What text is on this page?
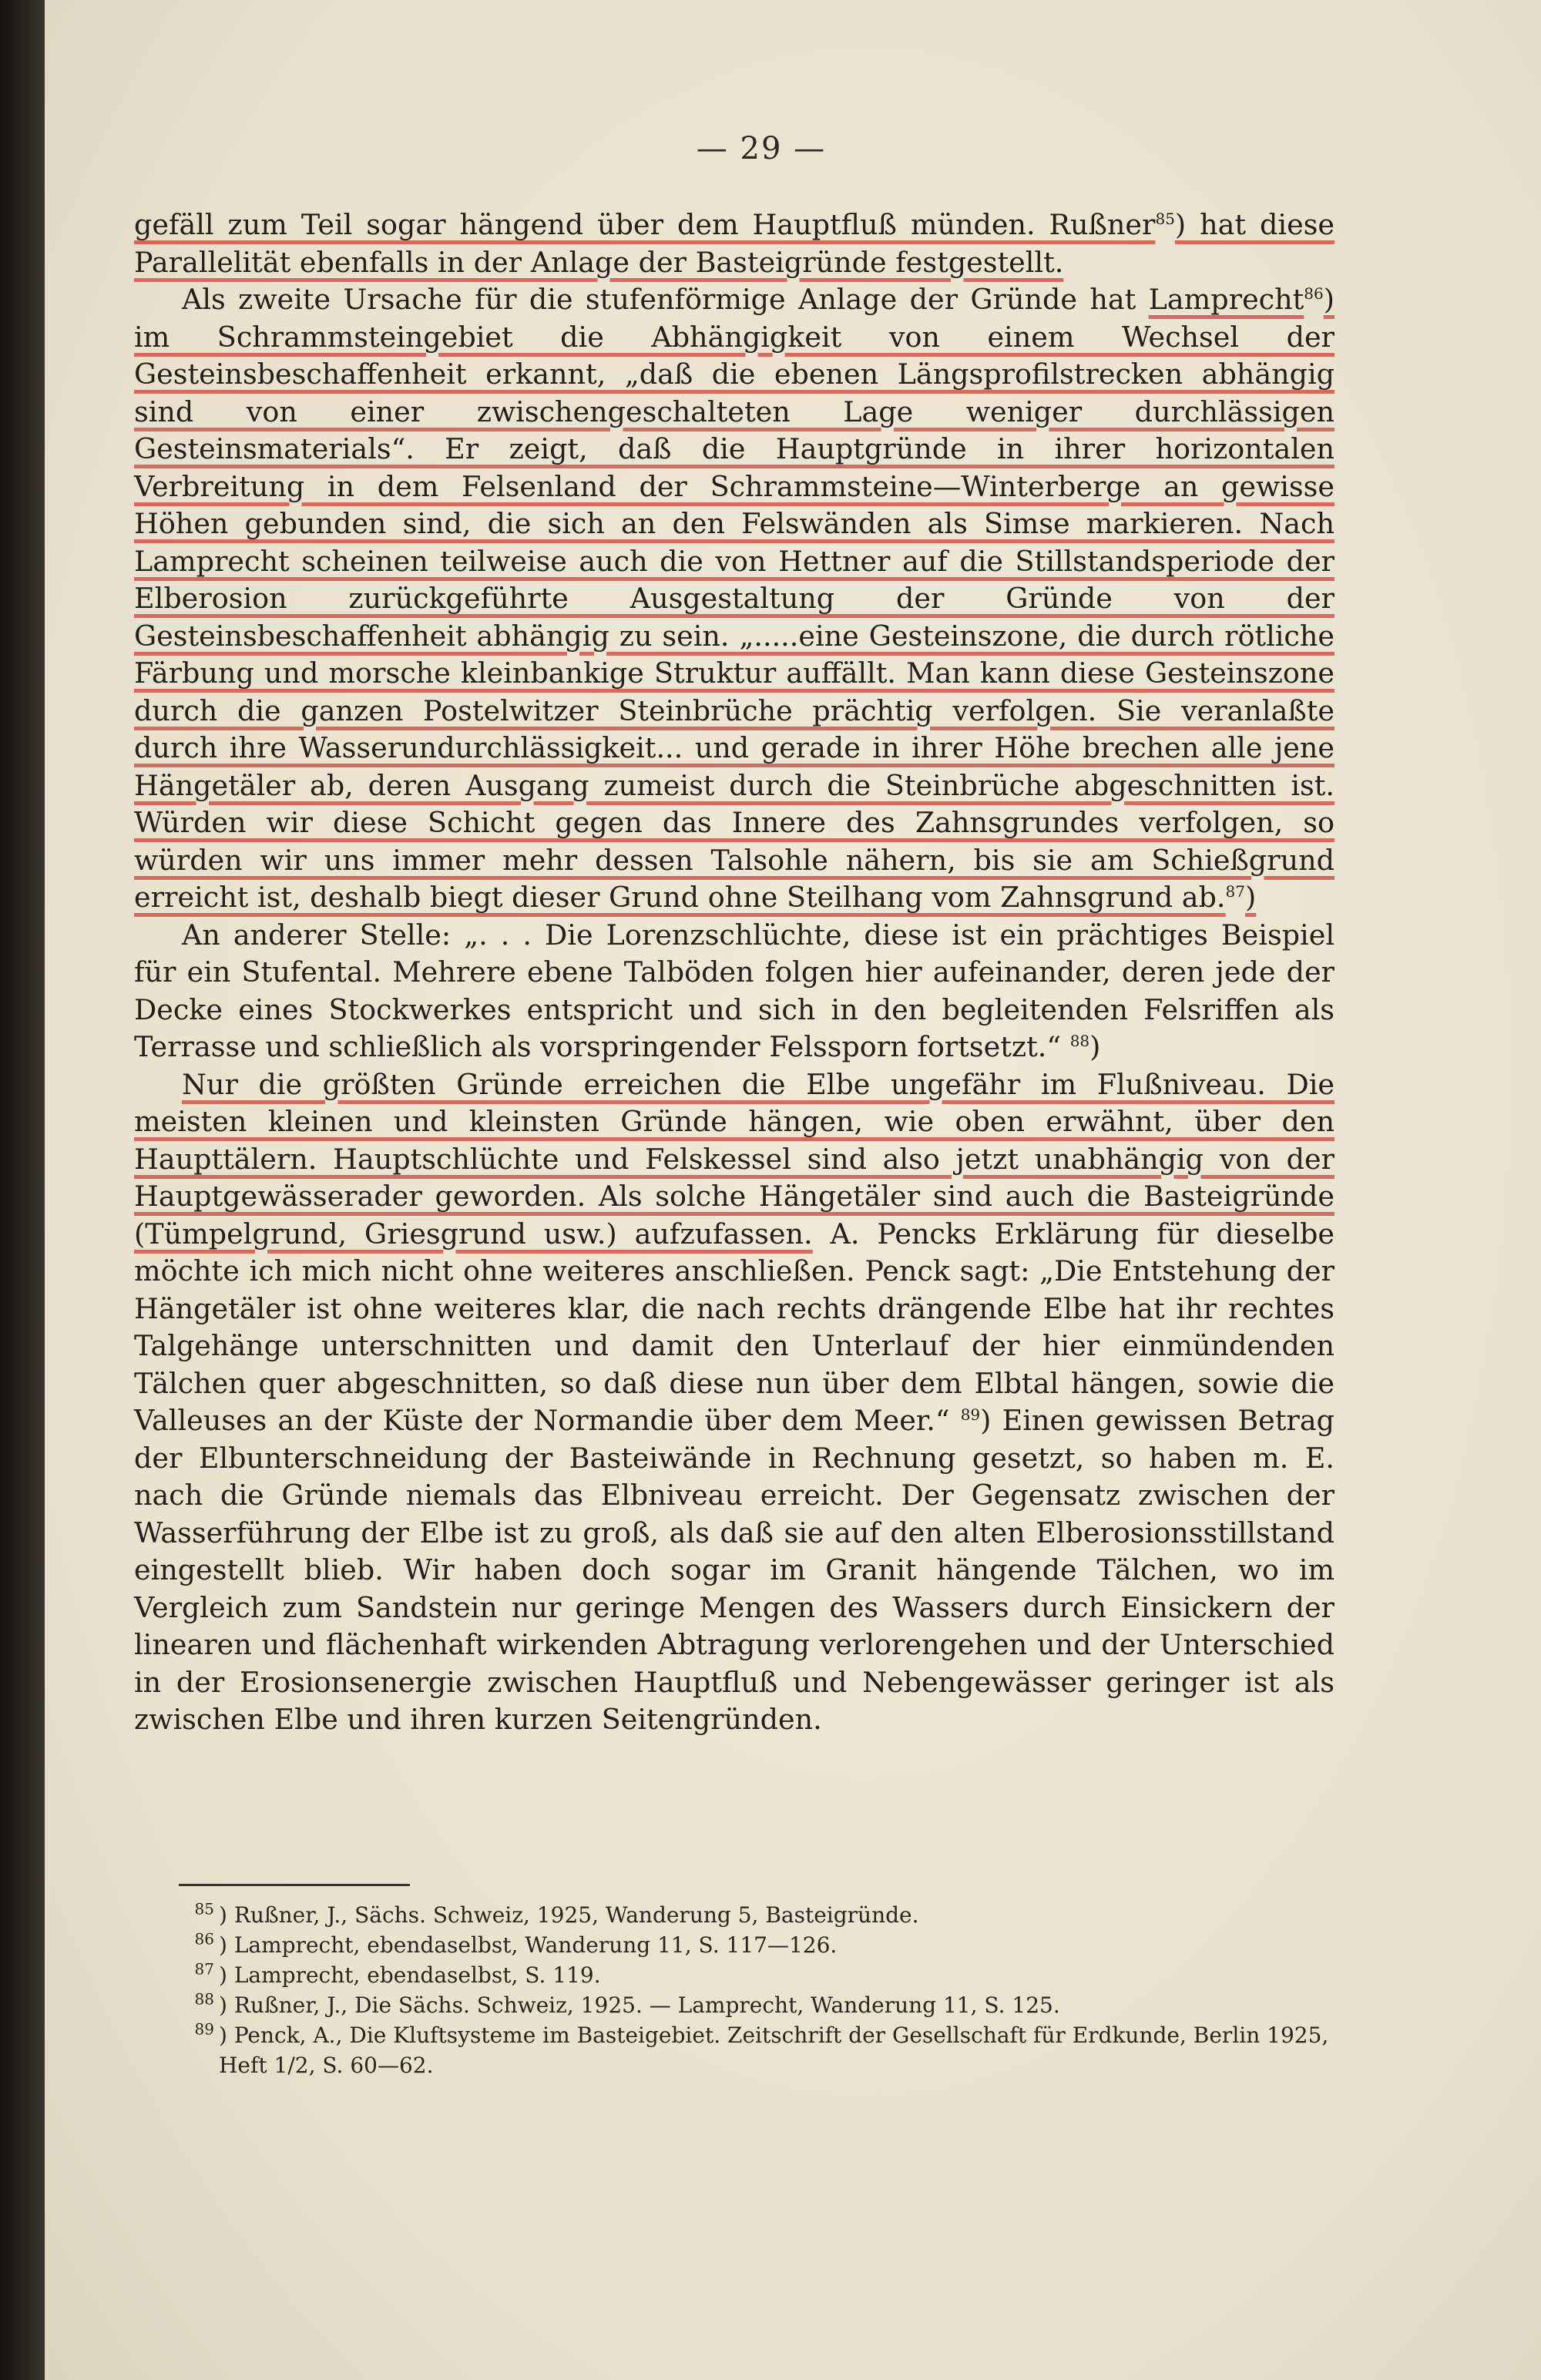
— 29 —

gefäll zum Teil sogar hängend über dem Hauptfluß münden. Rußner$^{85}$) hat diese Parallelität ebenfalls in der Anlage der Basteigründe festgestellt.

Als zweite Ursache für die stufenförmige Anlage der Gründe hat Lamprecht$^{86}$) im Schrammsteingebiet die Abhängigkeit von einem Wechsel der Gesteinsbeschaffenheit erkannt, „daß die ebenen Längsprofilstrecken abhängig sind von einer zwischengeschalteten Lage weniger durchlässigen Gesteinsmaterials“. Er zeigt, daß die Hauptgründe in ihrer horizontalen Verbreitung in dem Felsenland der Schrammsteine—Winterberge an gewisse Höhen gebunden sind, die sich an den Felswänden als Simse markieren. Nach Lamprecht scheinen teilweise auch die von Hettner auf die Stillstandsperiode der Elberosion zurückgeführte Ausgestaltung der Gründe von der Gesteinsbeschaffenheit abhängig zu sein. „.....eine Gesteinszone, die durch rötliche Färbung und morsche kleinbankige Struktur auffällt. Man kann diese Gesteinszone durch die ganzen Postelwitzer Steinbrüche prächtig verfolgen. Sie veranlaßte durch ihre Wasserundurchlässigkeit... und gerade in ihrer Höhe brechen alle jene Hängetäler ab, deren Ausgang zumeist durch die Steinbrüche abgeschnitten ist. Würden wir diese Schicht gegen das Innere des Zahnsgrundes verfolgen, so würden wir uns immer mehr dessen Talsohle nähern, bis sie am Schießgrund erreicht ist, deshalb biegt dieser Grund ohne Steilhang vom Zahnsgrund ab.$^{87}$)

An anderer Stelle: „. . . Die Lorenzschlüchte, diese ist ein prächtiges Beispiel für ein Stufental. Mehrere ebene Talböden folgen hier aufeinander, deren jede der Decke eines Stockwerkes entspricht und sich in den begleitenden Felsriffen als Terrasse und schließlich als vorspringender Felssporn fortsetzt.“ $^{88}$)

Nur die größten Gründe erreichen die Elbe ungefähr im Flußniveau. Die meisten kleinen und kleinsten Gründe hängen, wie oben erwähnt, über den Haupttälern. Hauptschlüchte und Felskessel sind also jetzt unabhängig von der Hauptgewässerader geworden. Als solche Hängetäler sind auch die Basteigründe (Tümpelgrund, Griesgrund usw.) aufzufassen. A. Pencks Erklärung für dieselbe möchte ich mich nicht ohne weiteres anschließen. Penck sagt: „Die Entstehung der Hängetäler ist ohne weiteres klar, die nach rechts drängende Elbe hat ihr rechtes Talgehänge unterschnitten und damit den Unterlauf der hier einmündenden Tälchen quer abgeschnitten, so daß diese nun über dem Elbtal hängen, sowie die Valleuses an der Küste der Normandie über dem Meer.“ $^{89}$) Einen gewissen Betrag der Elbunterschneidung der Basteiwände in Rechnung gesetzt, so haben m. E. nach die Gründe niemals das Elbniveau erreicht. Der Gegensatz zwischen der Wasserführung der Elbe ist zu groß, als daß sie auf den alten Elberosionsstillstand eingestellt blieb. Wir haben doch sogar im Granit hängende Tälchen, wo im Vergleich zum Sandstein nur geringe Mengen des Wassers durch Einsickern der linearen und flächenhaft wirkenden Abtragung verlorengehen und der Unterschied in der Erosionsenergie zwischen Hauptfluß und Nebengewässer geringer ist als zwischen Elbe und ihren kurzen Seitengründen.

$^{85}$ ) Rußner, J., Sächs. Schweiz, 1925, Wanderung 5, Basteigründe.

$^{86}$ ) Lamprecht, ebendaselbst, Wanderung 11, S. 117—126.

$^{87}$ ) Lamprecht, ebendaselbst, S. 119.

$^{88}$ ) Rußner, J., Die Sächs. Schweiz, 1925. — Lamprecht, Wanderung 11, S. 125.

$^{89}$ ) Penck, A., Die Kluftsysteme im Basteigebiet. Zeitschrift der Gesellschaft für Erdkunde, Berlin 1925, Heft 1/2, S. 60—62.
